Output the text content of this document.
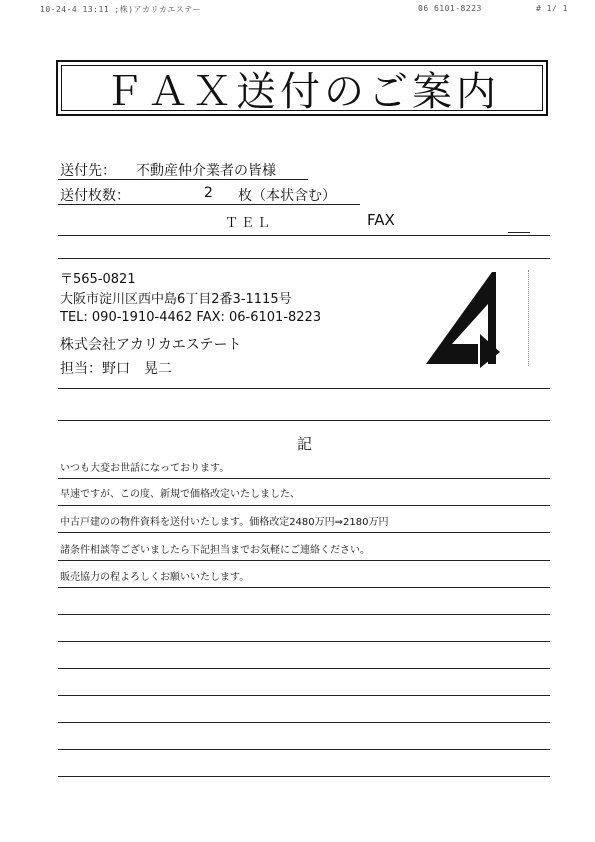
10-24-4 13:11 ;株)アカリカエステー	06 6101-8223	# 1/ 1
ＦＡＸ送付のご案内
送付先： 不動産仲介業者の皆様
送付枚数：	2 枚（本状含む）
ＴＥＬ	FAX
〒565-0821
大阪市淀川区西中島6丁目2番3-1115号
TEL: 090-1910-4462 FAX: 06-6101-8223
株式会社アカリカエステート
担当：野口　晃二
記
いつも大変お世話になっております。
早速ですが、この度、新規で価格改定いたしました、
中古戸建のの物件資料を送付いたします。価格改定2480万円⇒2180万円
諸条件相談等ございましたら下記担当までお気軽にご連絡ください。
販売協力の程よろしくお願いいたします。
